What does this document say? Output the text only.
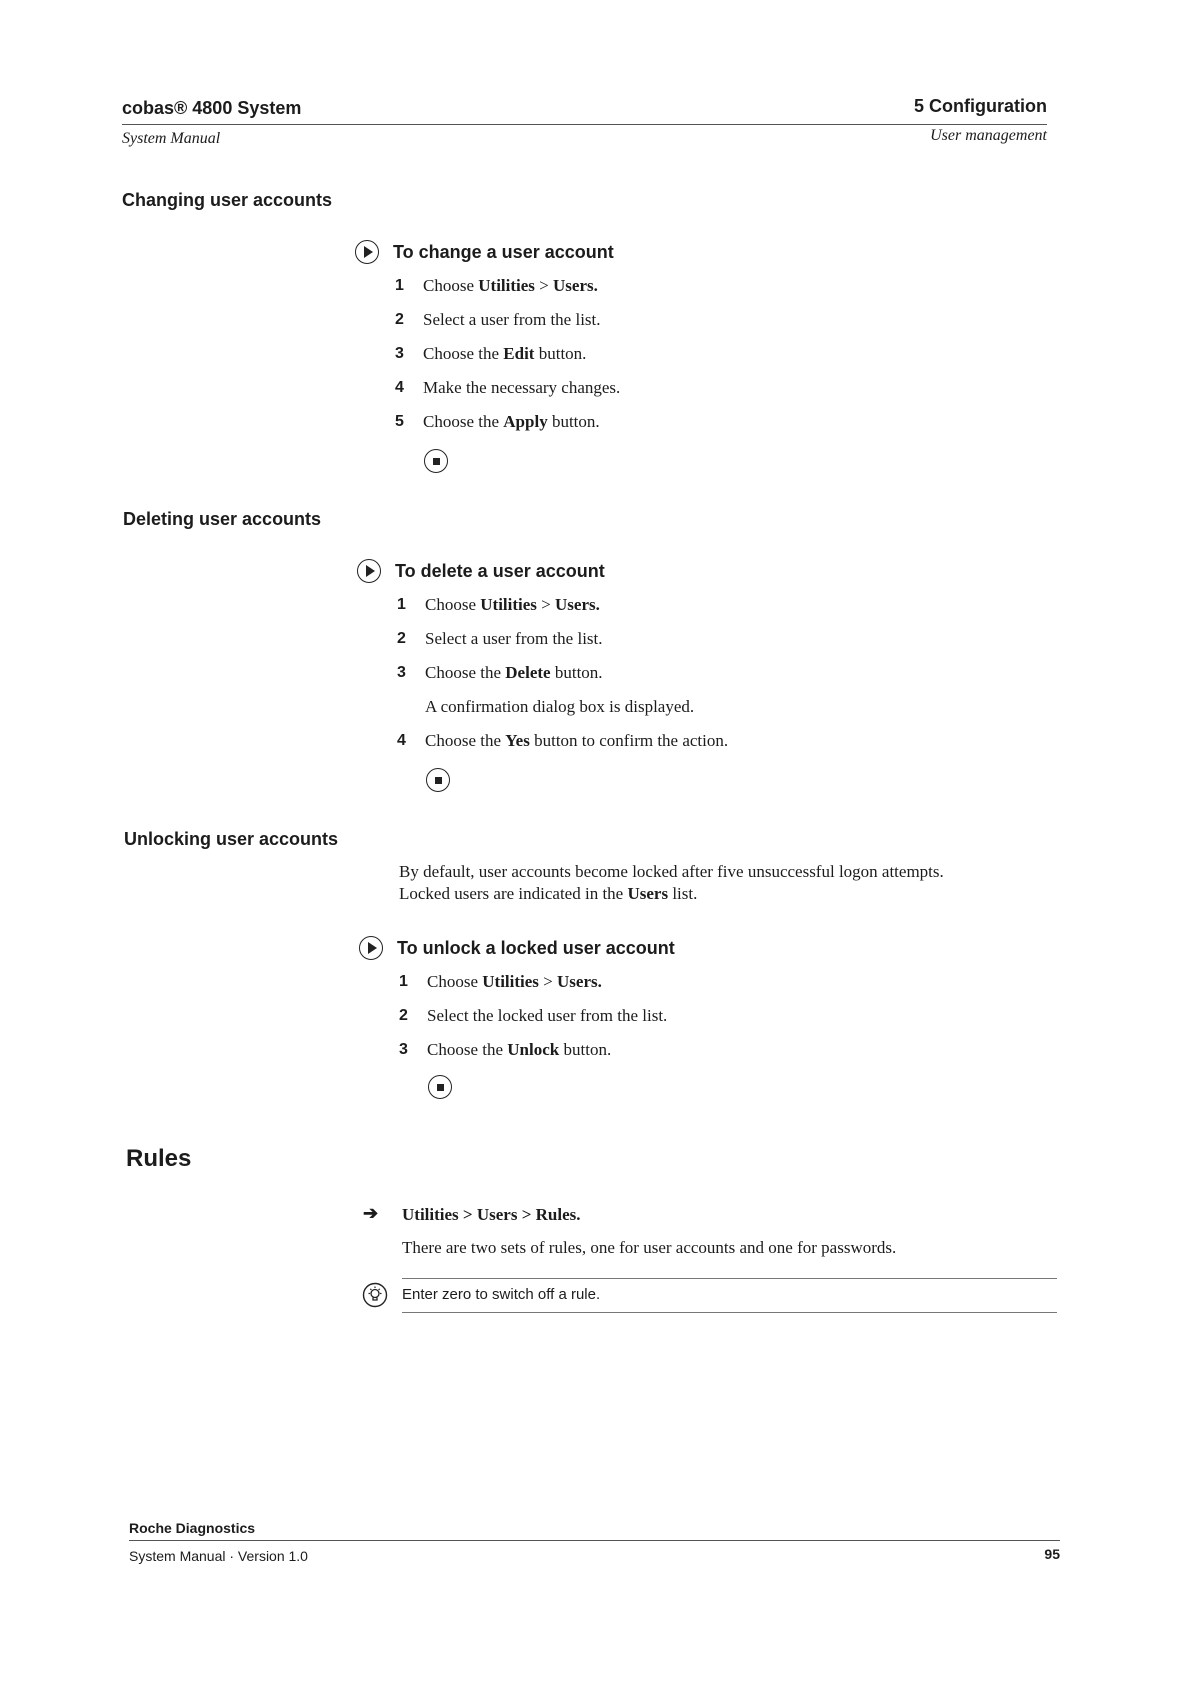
cobas® 4800 System
System Manual
5 Configuration
User management
Changing user accounts
To change a user account
1	Choose Utilities > Users.
2	Select a user from the list.
3	Choose the Edit button.
4	Make the necessary changes.
5	Choose the Apply button.
Deleting user accounts
To delete a user account
1	Choose Utilities > Users.
2	Select a user from the list.
3	Choose the Delete button.
A confirmation dialog box is displayed.
4	Choose the Yes button to confirm the action.
Unlocking user accounts
By default, user accounts become locked after five unsuccessful logon attempts.
Locked users are indicated in the Users list.
To unlock a locked user account
1	Choose Utilities > Users.
2	Select the locked user from the list.
3	Choose the Unlock button.
Rules
➔ Utilities > Users > Rules.
There are two sets of rules, one for user accounts and one for passwords.
Enter zero to switch off a rule.
Roche Diagnostics
System Manual · Version 1.0	95
